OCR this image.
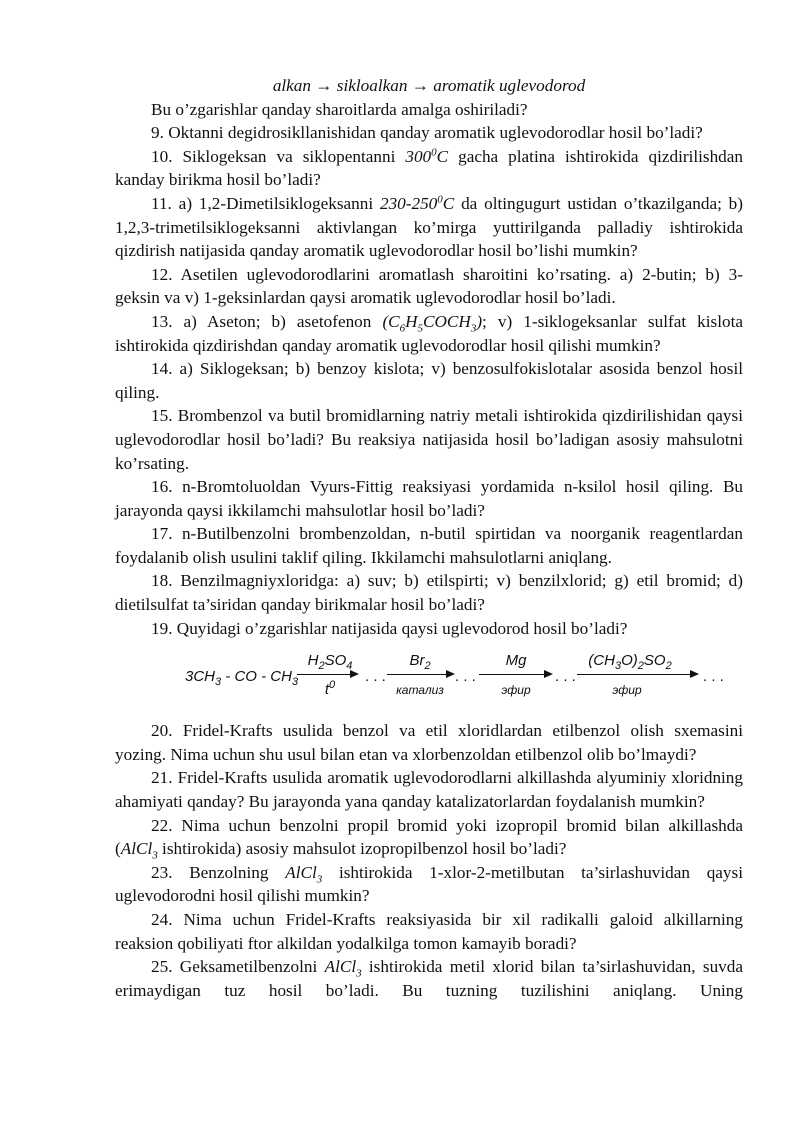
alkan → sikloalkan → aromatik uglevodorod

Bu o’zgarishlar qanday sharoitlarda amalga oshiriladi?

9. Oktanni degidrosikllanishidan qanday aromatik uglevodorodlar hosil bo’ladi?

10. Siklogeksan va siklopentanni $300^0C$ gacha platina ishtirokida qizdirilishdan kanday birikma hosil bo’ladi?

11. a) 1,2-Dimetilsiklogeksanni $230-250^0C$ da oltingugurt ustidan o’tkazilganda; b) 1,2,3-trimetilsiklogeksanni aktivlangan ko’mirga yuttirilganda palladiy ishtirokida qizdirish natijasida qanday aromatik uglevodorodlar hosil bo’lishi mumkin?

12. Asetilen uglevodorodlarini aromatlash sharoitini ko’rsating. a) 2-butin; b) 3-geksin va v) 1-geksinlardan qaysi aromatik uglevodorodlar hosil bo’ladi.

13. a) Aseton; b) asetofenon $(C_6H_5COCH_3)$; v) 1-siklogeksanlar sulfat kislota ishtirokida qizdirishdan qanday aromatik uglevodorodlar hosil qilishi mumkin?

14. a) Siklogeksan; b) benzoy kislota; v) benzosulfokislotalar asosida benzol hosil qiling.

15. Brombenzol va butil bromidlarning natriy metali ishtirokida qizdirilishidan qaysi uglevodorodlar hosil bo’ladi? Bu reaksiya natijasida hosil bo’ladigan asosiy mahsulotni ko’rsating.

16. n-Bromtoluoldan Vyurs-Fittig reaksiyasi yordamida n-ksilol hosil qiling. Bu jarayonda qaysi ikkilamchi mahsulotlar hosil bo’ladi?

17. n-Butilbenzolni brombenzoldan, n-butil spirtidan va noorganik reagentlardan foydalanib olish usulini taklif qiling. Ikkilamchi mahsulotlarni aniqlang.

18. Benzilmagniyxloridga: a) suv; b) etilspirti; v) benzilxlorid; g) etil bromid; d) dietilsulfat ta’siridan qanday birikmalar hosil bo’ladi?

19. Quyidagi o’zgarishlar natijasida qaysi uglevodorod hosil bo’ladi?

$3CH_3$ - CO - $CH_3$
$H_2SO_4$
$t^0$	. . .
$Br_2$
катализ
. . .
Mg
эфир
. . .
$(CH_3O)_2SO_2$
эфир
. . .

20. Fridel-Krafts usulida benzol va etil xloridlardan etilbenzol olish sxemasini yozing. Nima uchun shu usul bilan etan va xlorbenzoldan etilbenzol olib bo’lmaydi?

21. Fridel-Krafts usulida aromatik uglevodorodlarni alkillashda alyuminiy xloridning ahamiyati qanday? Bu jarayonda yana qanday katalizatorlardan foydalanish mumkin?

22. Nima uchun benzolni propil bromid yoki izopropil bromid bilan alkillashda (AlCl$_3$ ishtirokida) asosiy mahsulot izopropilbenzol hosil bo’ladi?

23. Benzolning AlCl$_3$ ishtirokida 1-xlor-2-metilbutan ta’sirlashuvidan qaysi uglevodorodni hosil qilishi mumkin?

24. Nima uchun Fridel-Krafts reaksiyasida bir xil radikalli galoid alkillarning reaksion qobiliyati ftor alkildan yodalkilga tomon kamayib boradi?

25. Geksametilbenzolni AlCl$_3$ ishtirokida metil xlorid bilan ta’sirlashuvidan, suvda erimaydigan tuz hosil bo’ladi. Bu tuzning tuzilishini aniqlang. Uning
